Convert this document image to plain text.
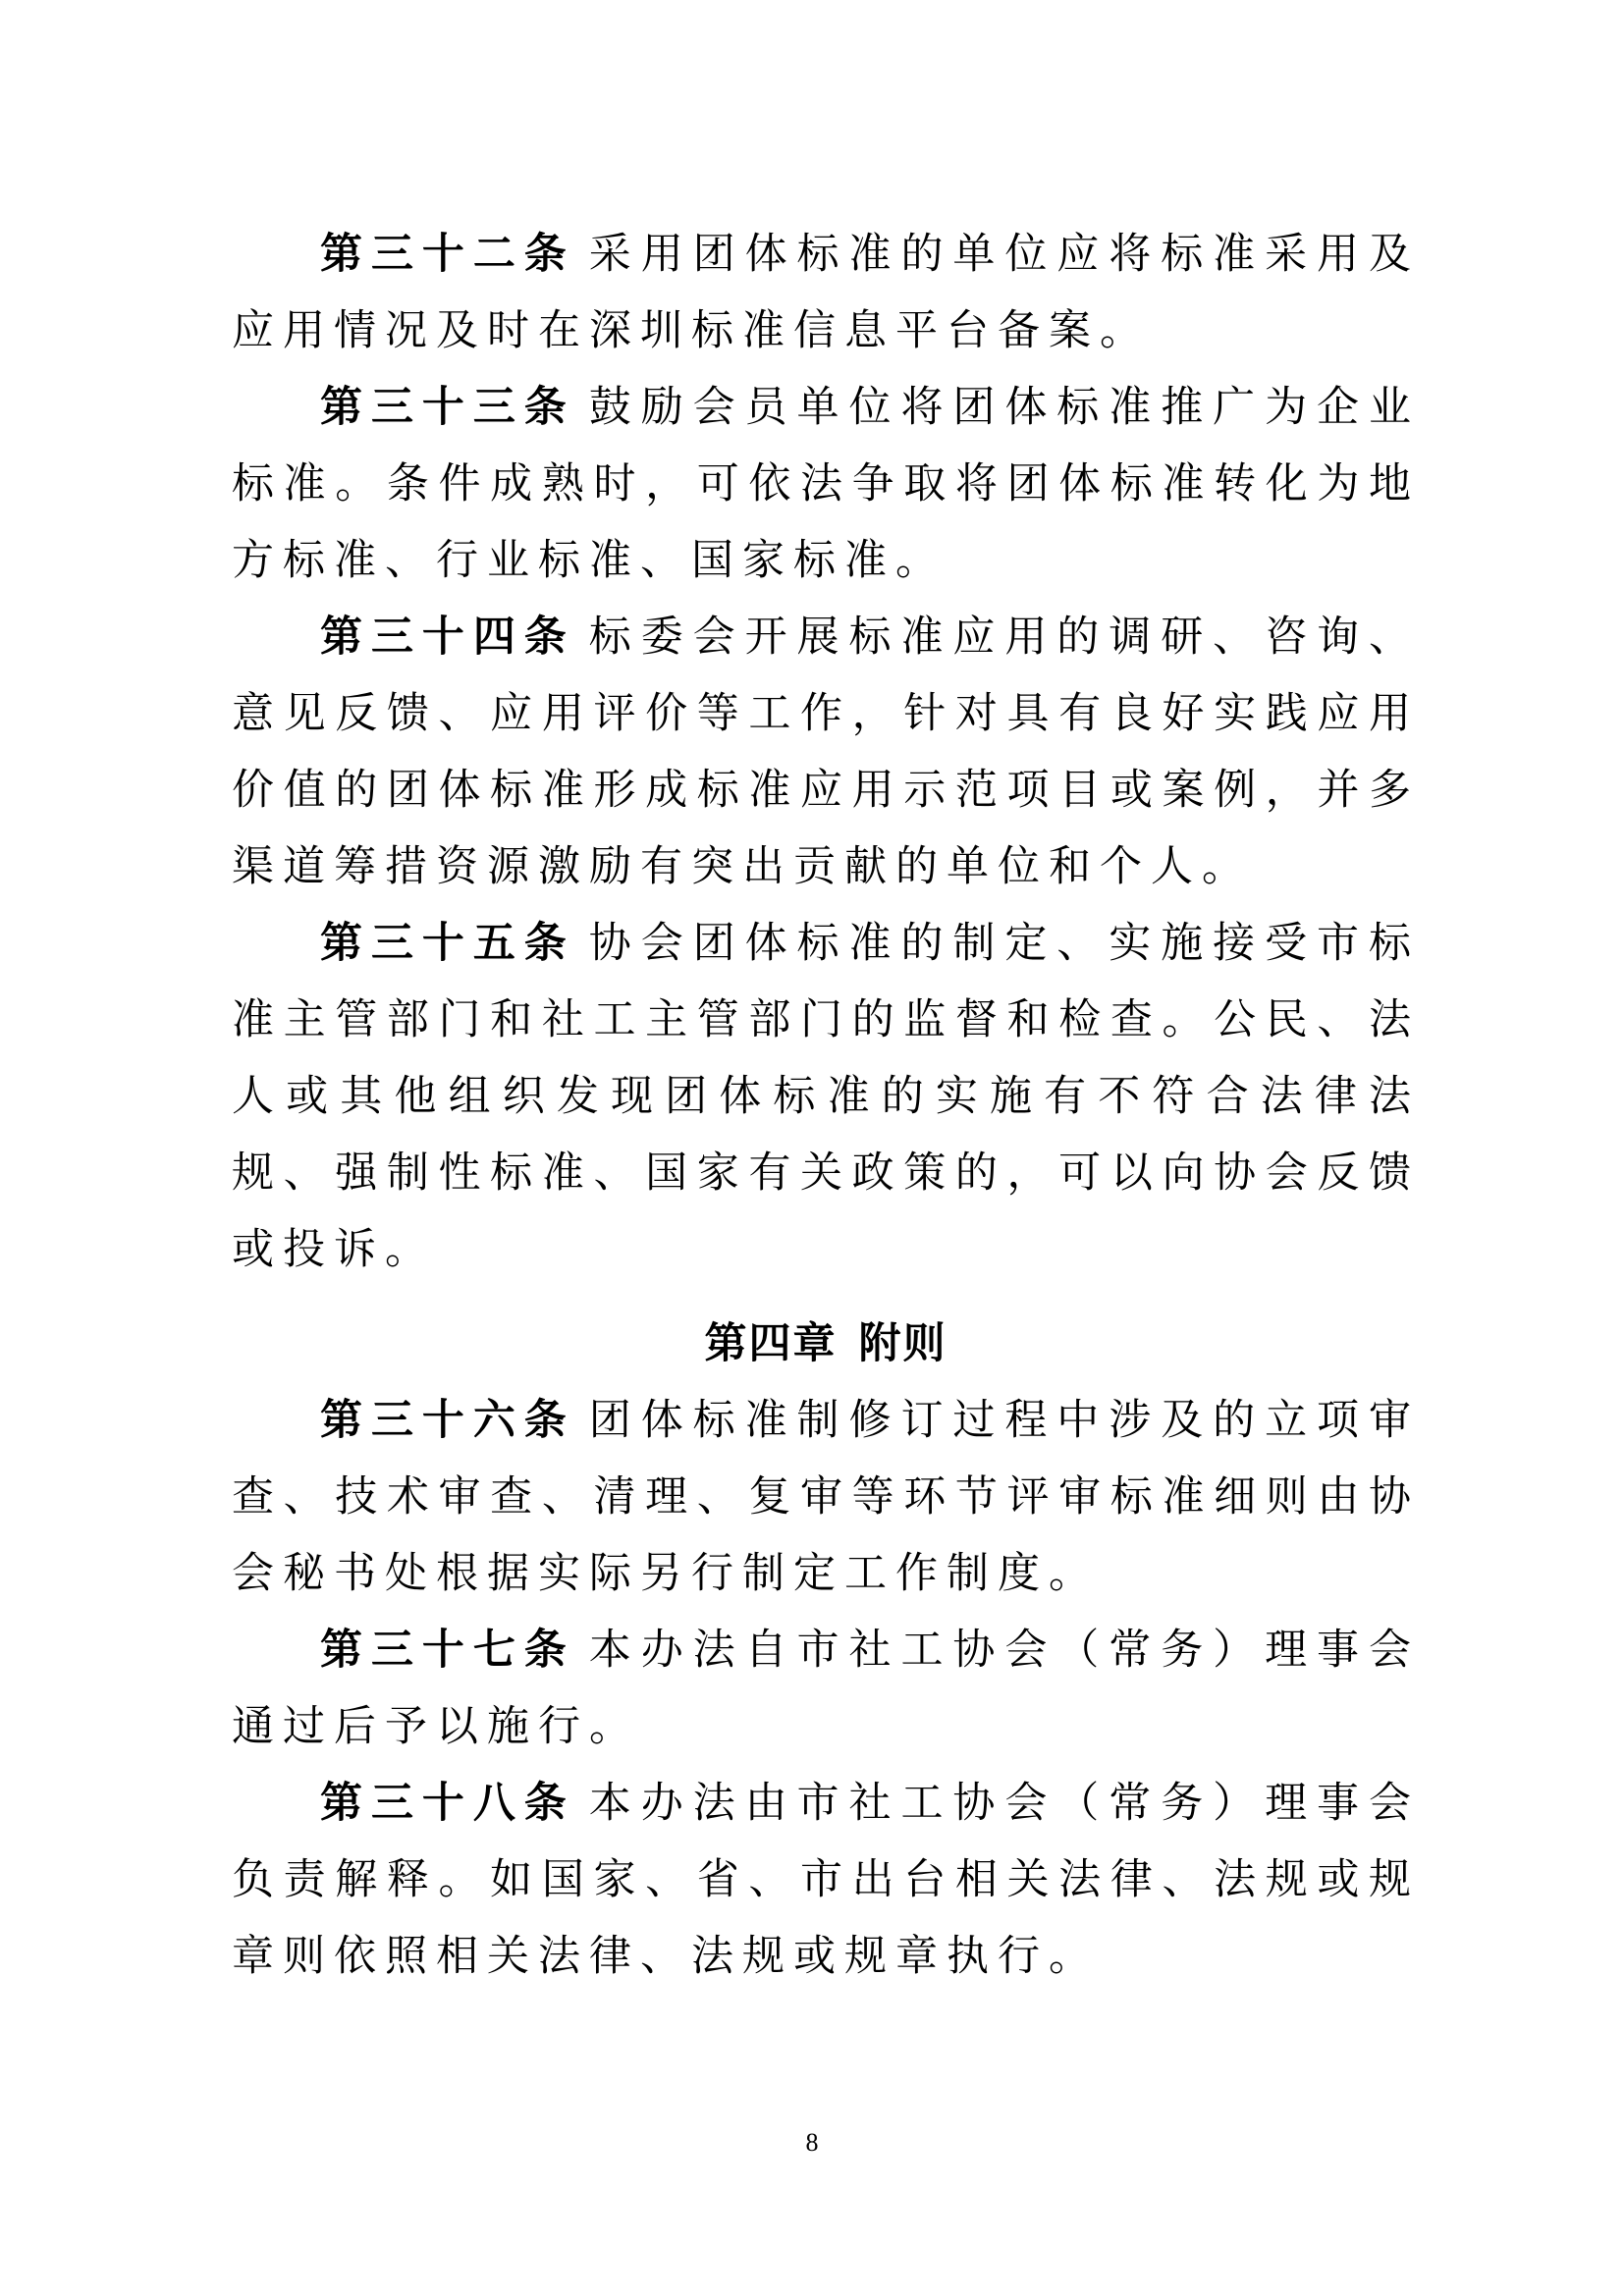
第三十二条 采用团体标准的单位应将标准采用及应用情况及时在深圳标准信息平台备案。

第三十三条 鼓励会员单位将团体标准推广为企业标准。条件成熟时，可依法争取将团体标准转化为地方标准、行业标准、国家标准。

第三十四条 标委会开展标准应用的调研、咨询、意见反馈、应用评价等工作，针对具有良好实践应用价值的团体标准形成标准应用示范项目或案例，并多渠道筹措资源激励有突出贡献的单位和个人。

第三十五条 协会团体标准的制定、实施接受市标准主管部门和社工主管部门的监督和检查。公民、法人或其他组织发现团体标准的实施有不符合法律法规、强制性标准、国家有关政策的，可以向协会反馈或投诉。

第四章 附则

第三十六条 团体标准制修订过程中涉及的立项审查、技术审查、清理、复审等环节评审标准细则由协会秘书处根据实际另行制定工作制度。

第三十七条 本办法自市社工协会（常务）理事会通过后予以施行。

第三十八条 本办法由市社工协会（常务）理事会负责解释。如国家、省、市出台相关法律、法规或规章则依照相关法律、法规或规章执行。

8
